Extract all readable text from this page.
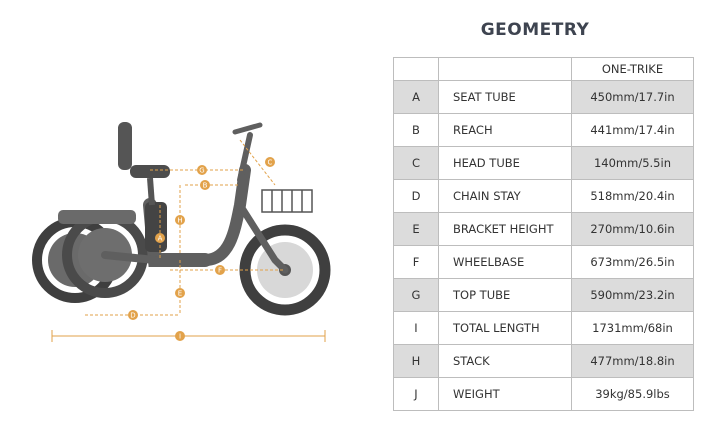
GEOMETRY
G
B
C
H
A
F
E
D
I
		ONE-TRIKE
A	SEAT TUBE	450mm/17.7in
B	REACH	441mm/17.4in
C	HEAD TUBE	140mm/5.5in
D	CHAIN STAY	518mm/20.4in
E	BRACKET HEIGHT	270mm/10.6in
F	WHEELBASE	673mm/26.5in
G	TOP TUBE	590mm/23.2in
I	TOTAL LENGTH	1731mm/68in
H	STACK	477mm/18.8in
J	WEIGHT	39kg/85.9lbs
